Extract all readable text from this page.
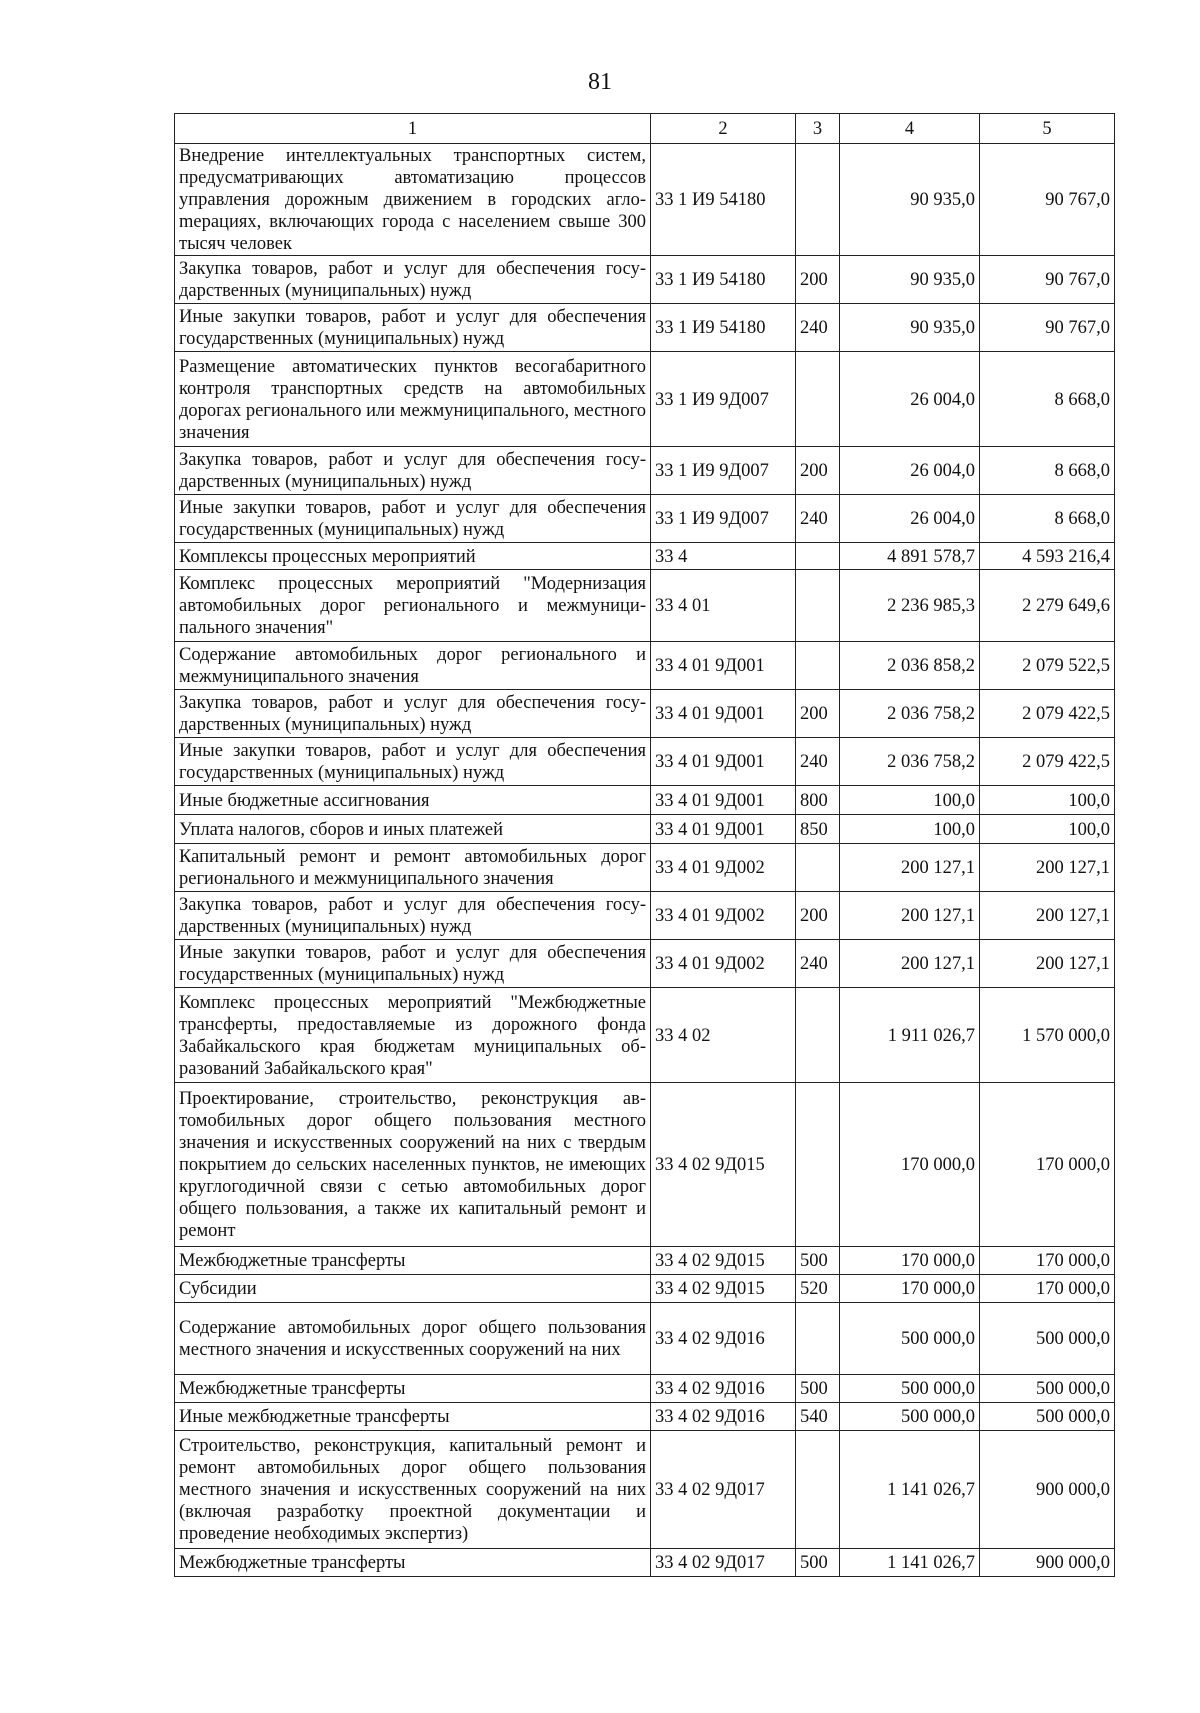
81
1	2	3	4	5
Внедрение интеллектуальных транспортных систем, предусматривающих автоматизацию процессов управления дорожным движением в городских аглоmерациях, включающих города с населением свыше 300 тысяч человек	33 1 И9 54180		90 935,0	90 767,0
Закупка товаров, работ и услуг для обеспечения государственных (муниципальных) нужд	33 1 И9 54180	200	90 935,0	90 767,0
Иные закупки товаров, работ и услуг для обеспечения государственных (муниципальных) нужд	33 1 И9 54180	240	90 935,0	90 767,0
Размещение автоматических пунктов весогабаритного контроля транспортных средств на автомобильных дорогах регионального или межмуниципального, местного значения	33 1 И9 9Д007		26 004,0	8 668,0
Закупка товаров, работ и услуг для обеспечения государственных (муниципальных) нужд	33 1 И9 9Д007	200	26 004,0	8 668,0
Иные закупки товаров, работ и услуг для обеспечения государственных (муниципальных) нужд	33 1 И9 9Д007	240	26 004,0	8 668,0
Комплексы процессных мероприятий	33 4		4 891 578,7	4 593 216,4
Комплекс процессных мероприятий "Модернизация автомобильных дорог регионального и межмуниципального значения"	33 4 01		2 236 985,3	2 279 649,6
Содержание автомобильных дорог регионального и межмуниципального значения	33 4 01 9Д001		2 036 858,2	2 079 522,5
Закупка товаров, работ и услуг для обеспечения государственных (муниципальных) нужд	33 4 01 9Д001	200	2 036 758,2	2 079 422,5
Иные закупки товаров, работ и услуг для обеспечения государственных (муниципальных) нужд	33 4 01 9Д001	240	2 036 758,2	2 079 422,5
Иные бюджетные ассигнования	33 4 01 9Д001	800	100,0	100,0
Уплата налогов, сборов и иных платежей	33 4 01 9Д001	850	100,0	100,0
Капитальный ремонт и ремонт автомобильных дорог регионального и межмуниципального значения	33 4 01 9Д002		200 127,1	200 127,1
Закупка товаров, работ и услуг для обеспечения государственных (муниципальных) нужд	33 4 01 9Д002	200	200 127,1	200 127,1
Иные закупки товаров, работ и услуг для обеспечения государственных (муниципальных) нужд	33 4 01 9Д002	240	200 127,1	200 127,1
Комплекс процессных мероприятий "Межбюджетные трансферты, предоставляемые из дорожного фонда Забайкальского края бюджетам муниципальных образований Забайкальского края"	33 4 02		1 911 026,7	1 570 000,0
Проектирование, строительство, реконструкция автомобильных дорог общего пользования местного значения и искусственных сооружений на них с твердым покрытием до сельских населенных пунктов, не имеющих круглогодичной связи с сетью автомобильных дорог общего пользования, а также их капитальный ремонт и ремонт	33 4 02 9Д015		170 000,0	170 000,0
Межбюджетные трансферты	33 4 02 9Д015	500	170 000,0	170 000,0
Субсидии	33 4 02 9Д015	520	170 000,0	170 000,0
Содержание автомобильных дорог общего пользования местного значения и искусственных сооружений на них	33 4 02 9Д016		500 000,0	500 000,0
Межбюджетные трансферты	33 4 02 9Д016	500	500 000,0	500 000,0
Иные межбюджетные трансферты	33 4 02 9Д016	540	500 000,0	500 000,0
Строительство, реконструкция, капитальный ремонт и ремонт автомобильных дорог общего пользования местного значения и искусственных сооружений на них (включая разработку проектной документации и проведение необходимых экспертиз)	33 4 02 9Д017		1 141 026,7	900 000,0
Межбюджетные трансферты	33 4 02 9Д017	500	1 141 026,7	900 000,0
